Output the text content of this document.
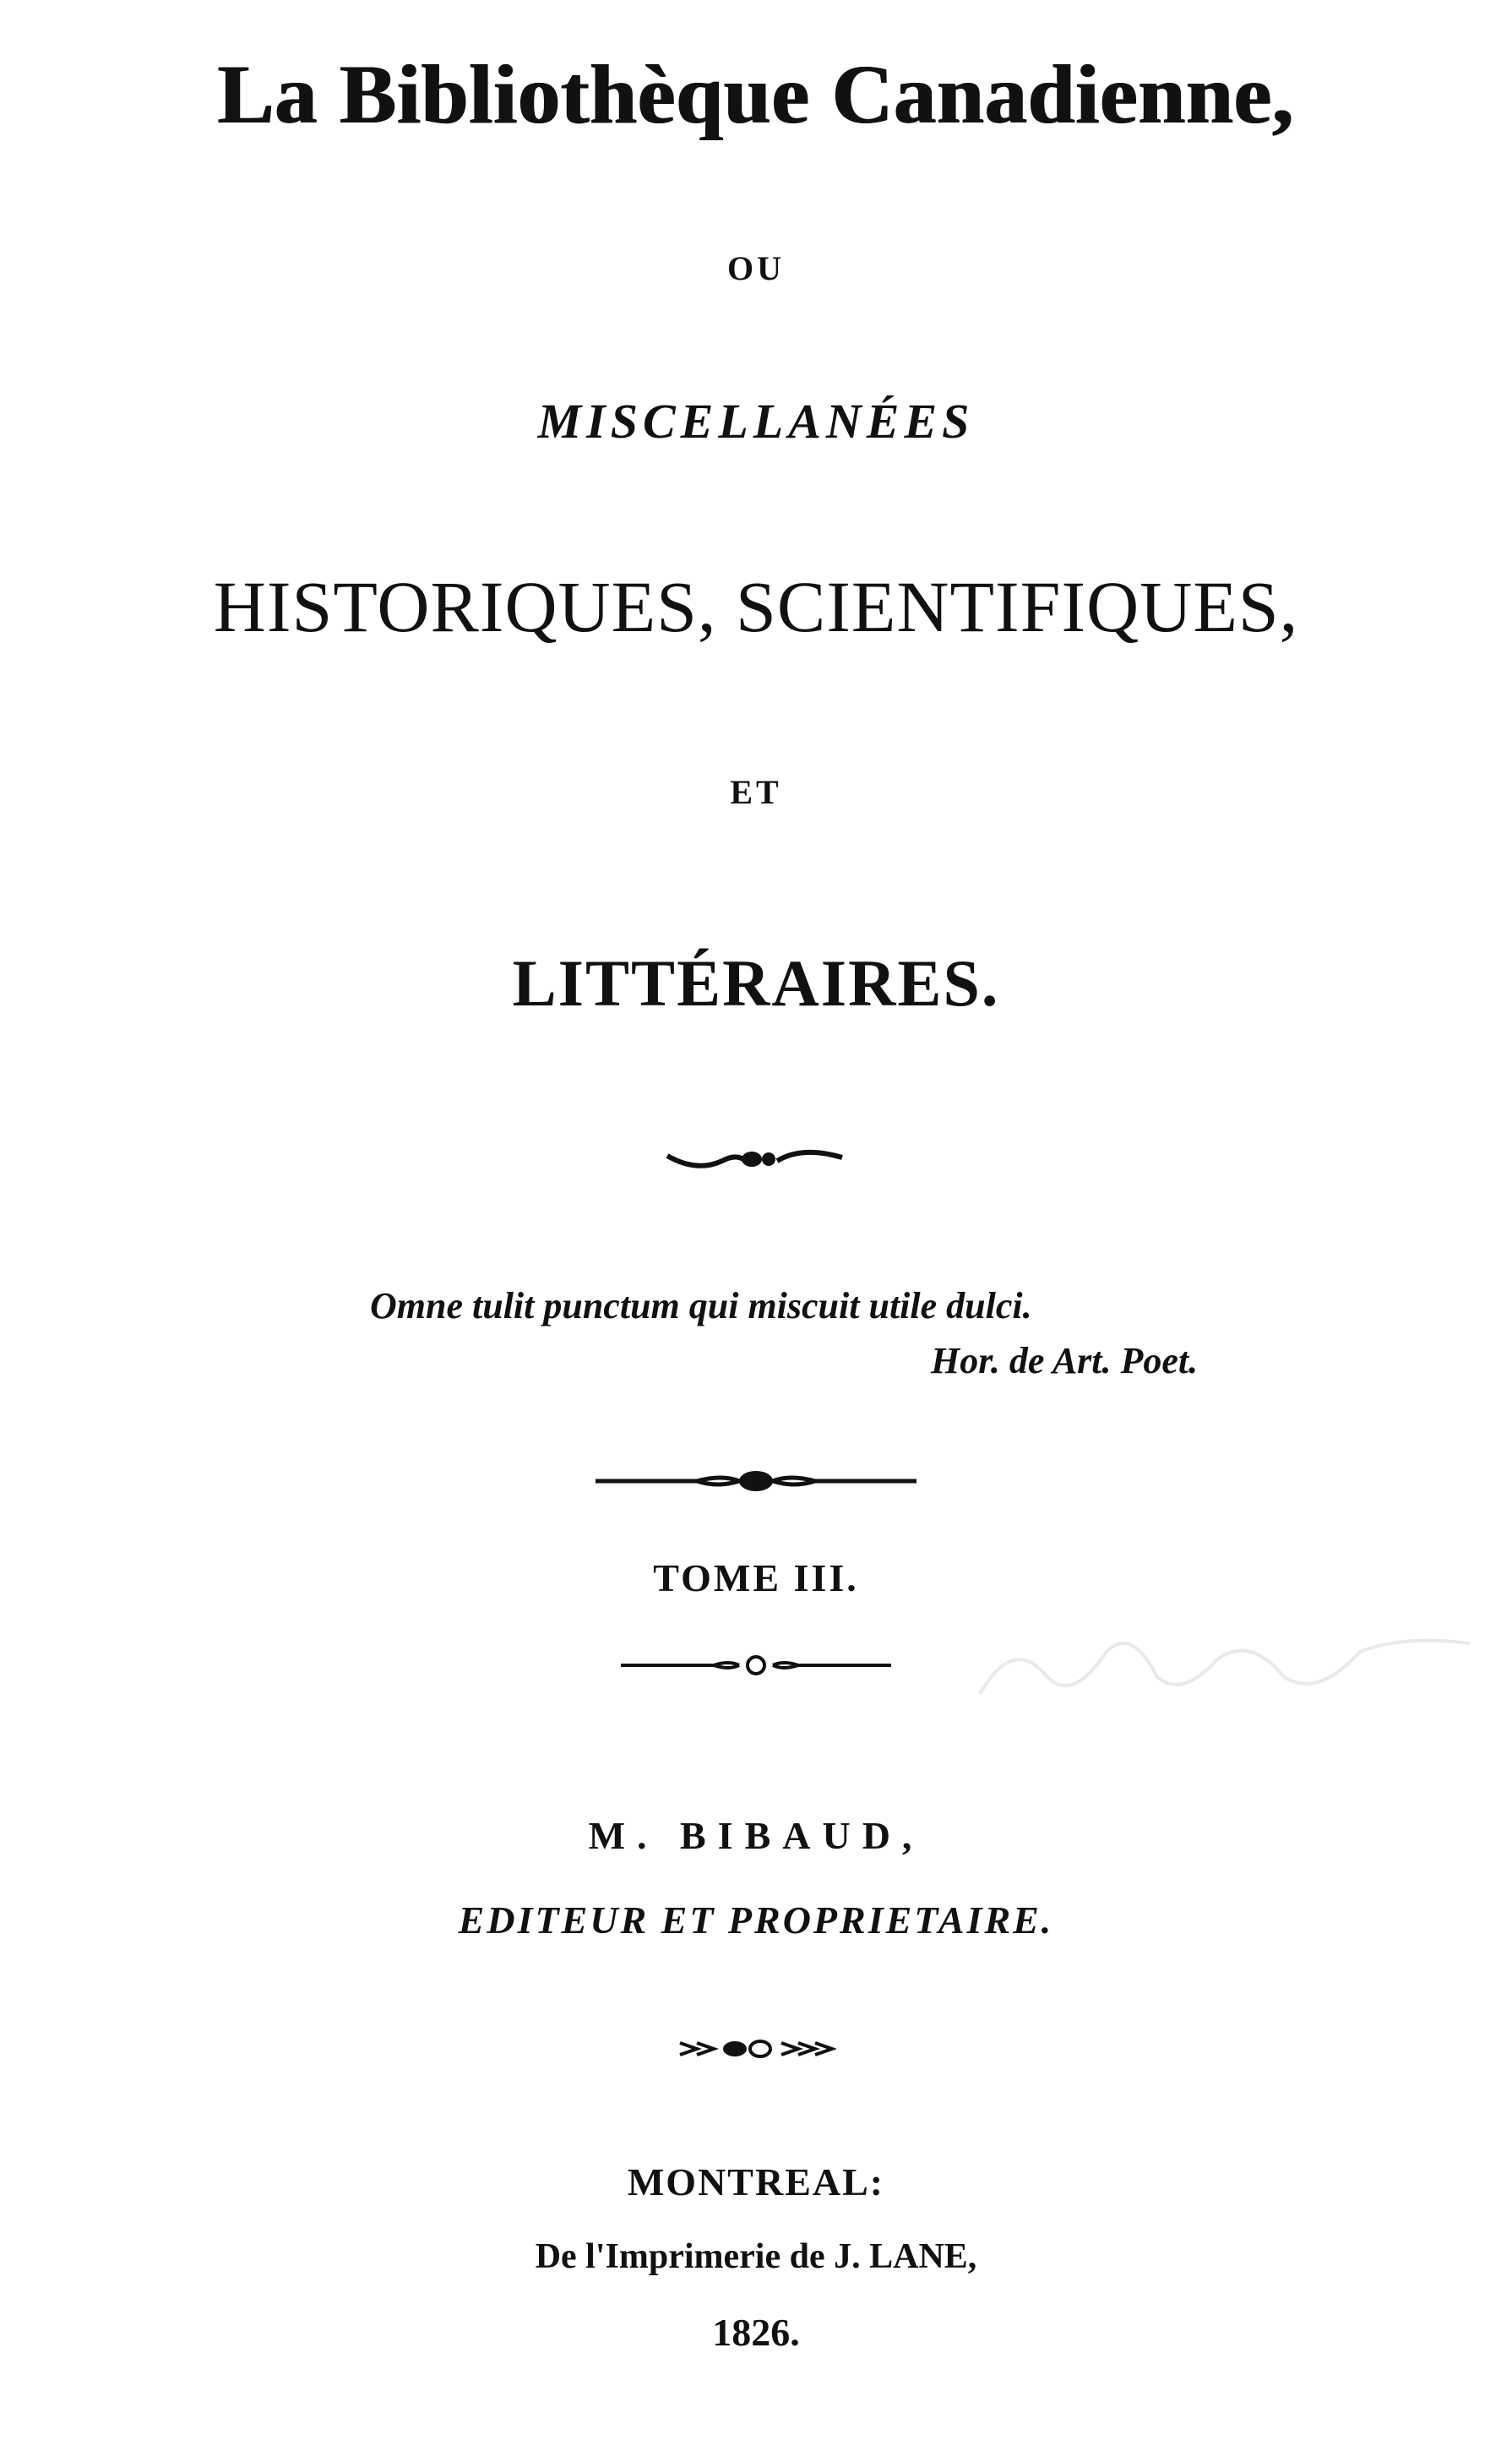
La Bibliothèque Canadienne,
OU
MISCELLANÉES
HISTORIQUES, SCIENTIFIQUES,
ET
LITTÉRAIRES.
Omne tulit punctum qui miscuit utile dulci.
Hor. de Art. Poet.
TOME III.
M. BIBAUD,
EDITEUR ET PROPRIETAIRE.
MONTREAL:
De l'Imprimerie de J. LANE,
1826.
